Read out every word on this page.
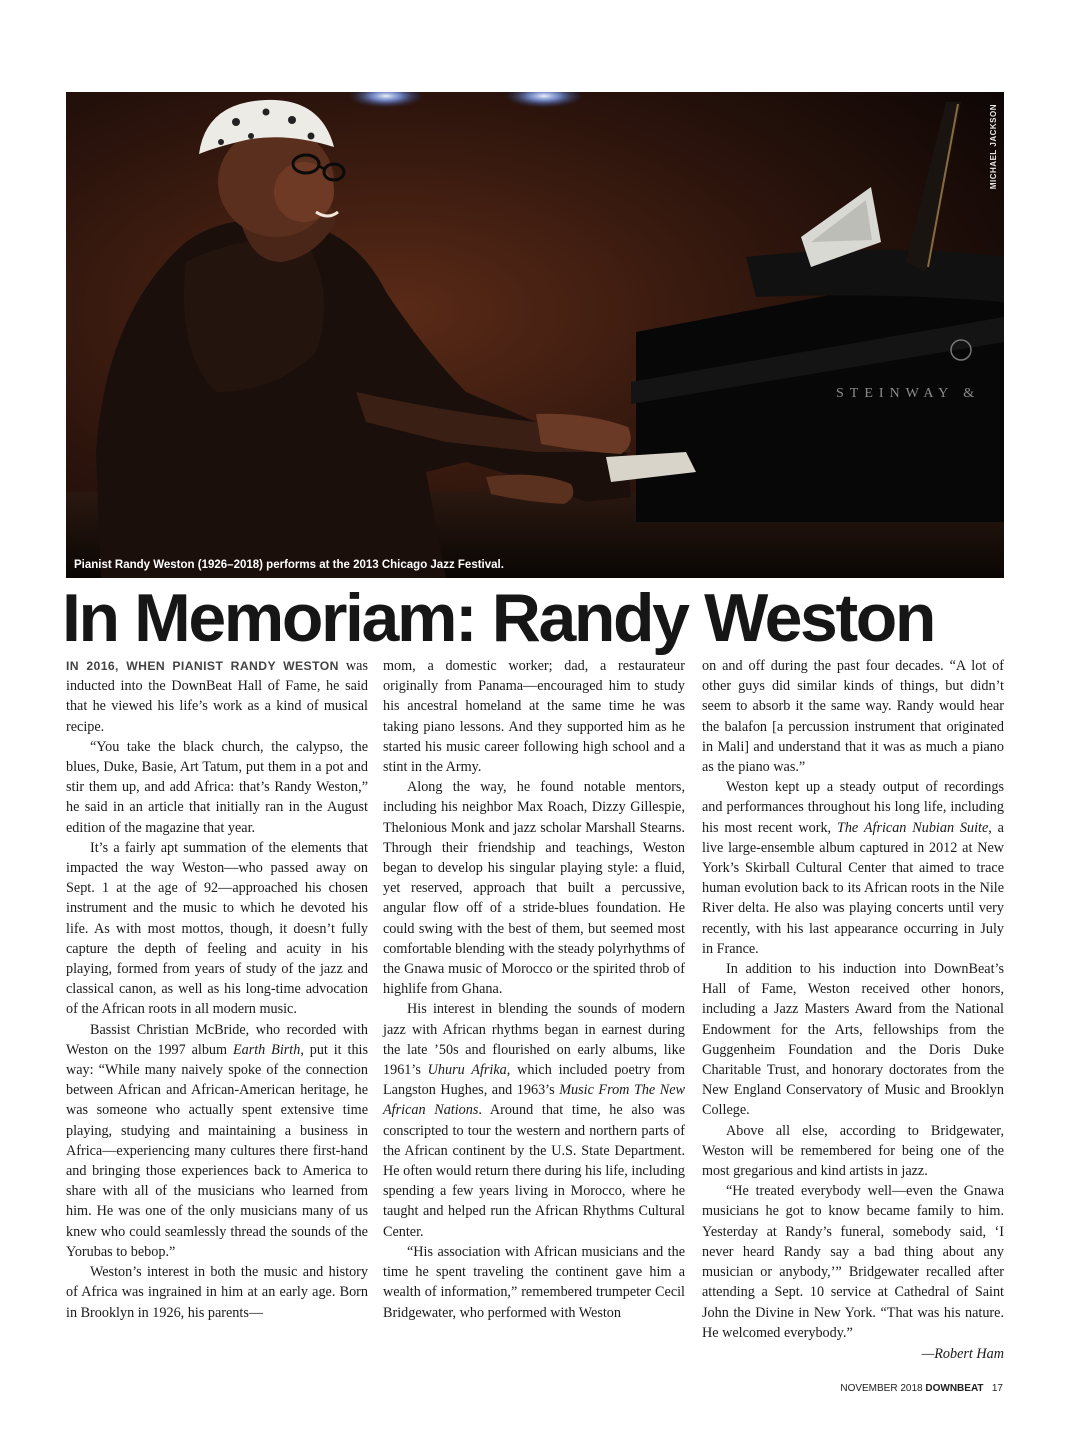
STEINWAY &
MICHAEL JACKSON
Pianist Randy Weston (1926–2018) performs at the 2013 Chicago Jazz Festival.
In Memoriam: Randy Weston

IN 2016, WHEN PIANIST RANDY WESTON was inducted into the DownBeat Hall of Fame, he said that he viewed his life’s work as a kind of musical recipe.

“You take the black church, the calypso, the blues, Duke, Basie, Art Tatum, put them in a pot and stir them up, and add Africa: that’s Randy Weston,” he said in an article that initially ran in the August edition of the magazine that year.

It’s a fairly apt summation of the elements that impacted the way Weston—who passed away on Sept. 1 at the age of 92—approached his chosen instrument and the music to which he devoted his life. As with most mottos, though, it doesn’t fully capture the depth of feeling and acuity in his playing, formed from years of study of the jazz and classical canon, as well as his long-time advocation of the African roots in all modern music.

Bassist Christian McBride, who recorded with Weston on the 1997 album Earth Birth, put it this way: “While many naively spoke of the connection between African and African-American heritage, he was someone who actually spent extensive time playing, studying and maintaining a business in Africa—experiencing many cultures there first-hand and bringing those experiences back to America to share with all of the musicians who learned from him. He was one of the only musicians many of us knew who could seamlessly thread the sounds of the Yorubas to bebop.”

Weston’s interest in both the music and history of Africa was ingrained in him at an early age. Born in Brooklyn in 1926, his parents—

mom, a domestic worker; dad, a restaurateur originally from Panama—encouraged him to study his ancestral homeland at the same time he was taking piano lessons. And they supported him as he started his music career following high school and a stint in the Army.

Along the way, he found notable mentors, including his neighbor Max Roach, Dizzy Gillespie, Thelonious Monk and jazz scholar Marshall Stearns. Through their friendship and teachings, Weston began to develop his singular playing style: a fluid, yet reserved, approach that built a percussive, angular flow off of a stride-blues foundation. He could swing with the best of them, but seemed most comfortable blending with the steady polyrhythms of the Gnawa music of Morocco or the spirited throb of highlife from Ghana.

His interest in blending the sounds of modern jazz with African rhythms began in earnest during the late ’50s and flourished on early albums, like 1961’s Uhuru Afrika, which included poetry from Langston Hughes, and 1963’s Music From The New African Nations. Around that time, he also was conscripted to tour the western and northern parts of the African continent by the U.S. State Department. He often would return there during his life, including spending a few years living in Morocco, where he taught and helped run the African Rhythms Cultural Center.

“His association with African musicians and the time he spent traveling the continent gave him a wealth of information,” remembered trumpeter Cecil Bridgewater, who performed with Weston

on and off during the past four decades. “A lot of other guys did similar kinds of things, but didn’t seem to absorb it the same way. Randy would hear the balafon [a percussion instrument that originated in Mali] and understand that it was as much a piano as the piano was.”

Weston kept up a steady output of recordings and performances throughout his long life, including his most recent work, The African Nubian Suite, a live large-ensemble album captured in 2012 at New York’s Skirball Cultural Center that aimed to trace human evolution back to its African roots in the Nile River delta. He also was playing concerts until very recently, with his last appearance occurring in July in France.

In addition to his induction into DownBeat’s Hall of Fame, Weston received other honors, including a Jazz Masters Award from the National Endowment for the Arts, fellowships from the Guggenheim Foundation and the Doris Duke Charitable Trust, and honorary doctorates from the New England Conservatory of Music and Brooklyn College.

Above all else, according to Bridgewater, Weston will be remembered for being one of the most gregarious and kind artists in jazz.

“He treated everybody well—even the Gnawa musicians he got to know became family to him. Yesterday at Randy’s funeral, somebody said, ‘I never heard Randy say a bad thing about any musician or anybody,’” Bridgewater recalled after attending a Sept. 10 service at Cathedral of Saint John the Divine in New York. “That was his nature. He welcomed everybody.”

—Robert Ham
NOVEMBER 2018 DOWNBEAT 17
